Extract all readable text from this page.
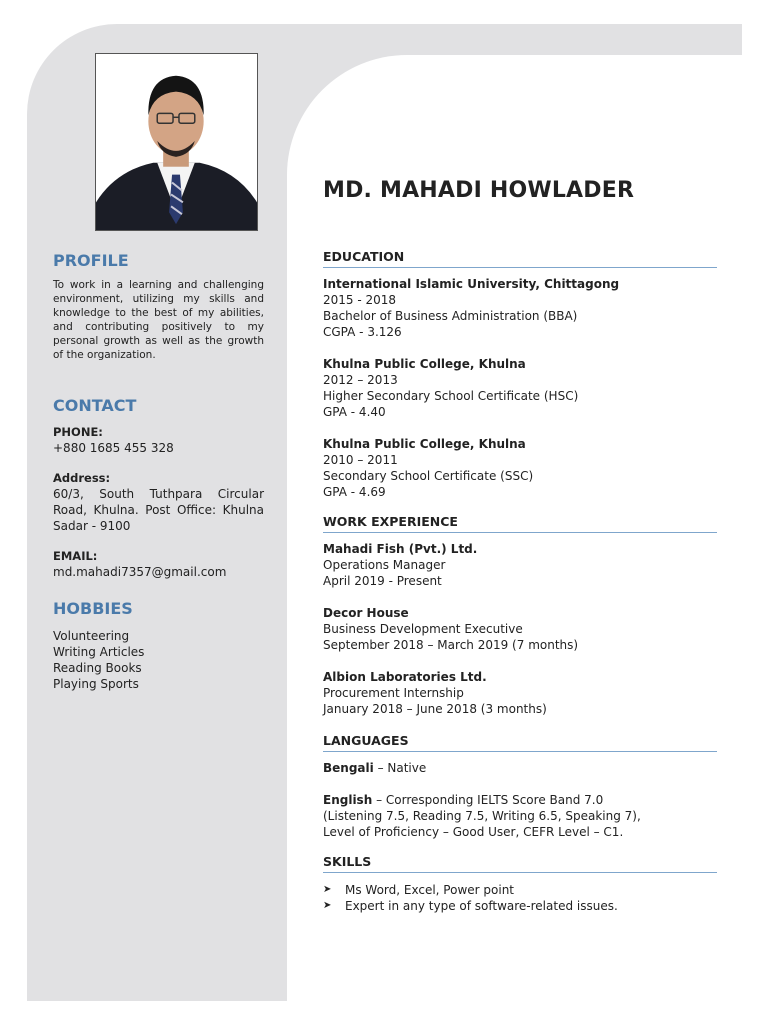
PROFILE

To work in a learning and challenging environment, utilizing my skills and knowledge to the best of my abilities, and contributing positively to my personal growth as well as the growth of the organization.

CONTACT

PHONE:

+880 1685 455 328

Address:

60/3, South Tuthpara Circular Road, Khulna. Post Office: Khulna Sadar - 9100

EMAIL:

md.mahadi7357@gmail.com

HOBBIES

Volunteering

Writing Articles

Reading Books

Playing Sports

MD. MAHADI HOWLADER

EDUCATION

International Islamic University, Chittagong

2015 - 2018

Bachelor of Business Administration (BBA)

CGPA - 3.126

Khulna Public College, Khulna

2012 – 2013

Higher Secondary School Certificate (HSC)

GPA - 4.40

Khulna Public College, Khulna

2010 – 2011

Secondary School Certificate (SSC)

GPA - 4.69

WORK EXPERIENCE

Mahadi Fish (Pvt.) Ltd.

Operations Manager

April 2019 - Present

Decor House

Business Development Executive

September 2018 – March 2019 (7 months)

Albion Laboratories Ltd.

Procurement Internship

January 2018 – June 2018 (3 months)

LANGUAGES

Bengali – Native

English – Corresponding IELTS Score Band 7.0

(Listening 7.5, Reading 7.5, Writing 6.5, Speaking 7),

Level of Proficiency – Good User, CEFR Level – C1.

SKILLS

➤	Ms Word, Excel, Power point

➤	Expert in any type of software-related issues.
